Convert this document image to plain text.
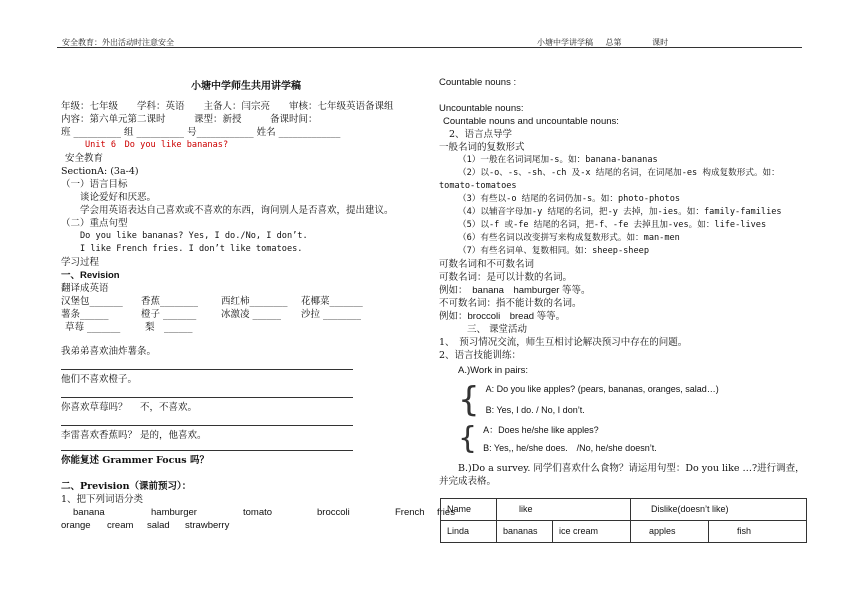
安全教育：外出活动时注意安全	小塘中学讲学稿 总第	课时
小塘中学师生共用讲学稿
年级：七年级　　学科：英语　　主备人：闫宗亮　　审核：七年级英语备课组
内容：第六单元第二课时　　　课型：新授　　　备课时间：
班 __________ 组 __________ 号____________ 姓名 _____________
Unit 6　Do you like bananas?
安全教育
SectionA: (3a-4)
（一）语言目标
谈论爱好和厌恶。
学会用英语表达自己喜欢或不喜欢的东西，询问别人是否喜欢，提出建议。
（二）重点句型
Do you like bananas? Yes, I do./No, I don’t.
I like French fries. I don’t like tomatoes.
学习过程
一、Revision
翻译成英语
汉堡包_______	香蕉________	西红柿________	花椰菜_______
薯条______	橙子 _______	冰激凌 ______	沙拉 ________
草莓 _______	梨　______
我弟弟喜欢油炸薯条。
他们不喜欢橙子。
你喜欢草莓吗？　 不，不喜欢。
李雷喜欢香蕉吗？ 是的，他喜欢。
你能复述 Grammer Focus 吗？
二、Prevision（课前预习）：
1、把下列词语分类
banana	hamburger	tomato	broccoli	French fries
orange cream salad strawberry
Countable nouns :
Uncountable nouns:
Countable nouns and uncountable nouns:
2、语言点导学
一般名词的复数形式
（1）一般在名词词尾加-s。如：banana-bananas
（2）以-o、-s、-sh、-ch 及-x 结尾的名词，在词尾加-es 构成复数形式。如：
tomato-tomatoes
（3）有些以-o 结尾的名词仍加-s。如：photo-photos
（4）以辅音字母加-y 结尾的名词，把-y 去掉，加-ies。如：family-families
（5）以-f 或-fe 结尾的名词，把-f、-fe 去掉且加-ves。如：life-lives
（6）有些名词以改变拼写来构成复数形式。如：man-men
（7）有些名词单、复数相同。如：sheep-sheep
可数名词和不可数名词
可数名词：是可以计数的名词。
例如：　banana　hamburger 等等。
不可数名词：指不能计数的名词。
例如：broccoli　bread 等等。
三、 课堂活动
1、　预习情况交流，师生互相讨论解决预习中存在的问题。
2、语言技能训练：
A.)Work in pairs:
{ A: Do you like apples? (pears, bananas, oranges, salad…)
B: Yes, I do. / No, I don’t.
{ A：Does he/she like apples?
B: Yes,, he/she does.　/No, he/she doesn’t.
B.)Do a survey. 同学们喜欢什么食物？请运用句型：Do you like …?进行调查，
并完成表格。
Name	like		Dislike(doesn’t like)	
Linda	bananas	ice cream	apples	fish
